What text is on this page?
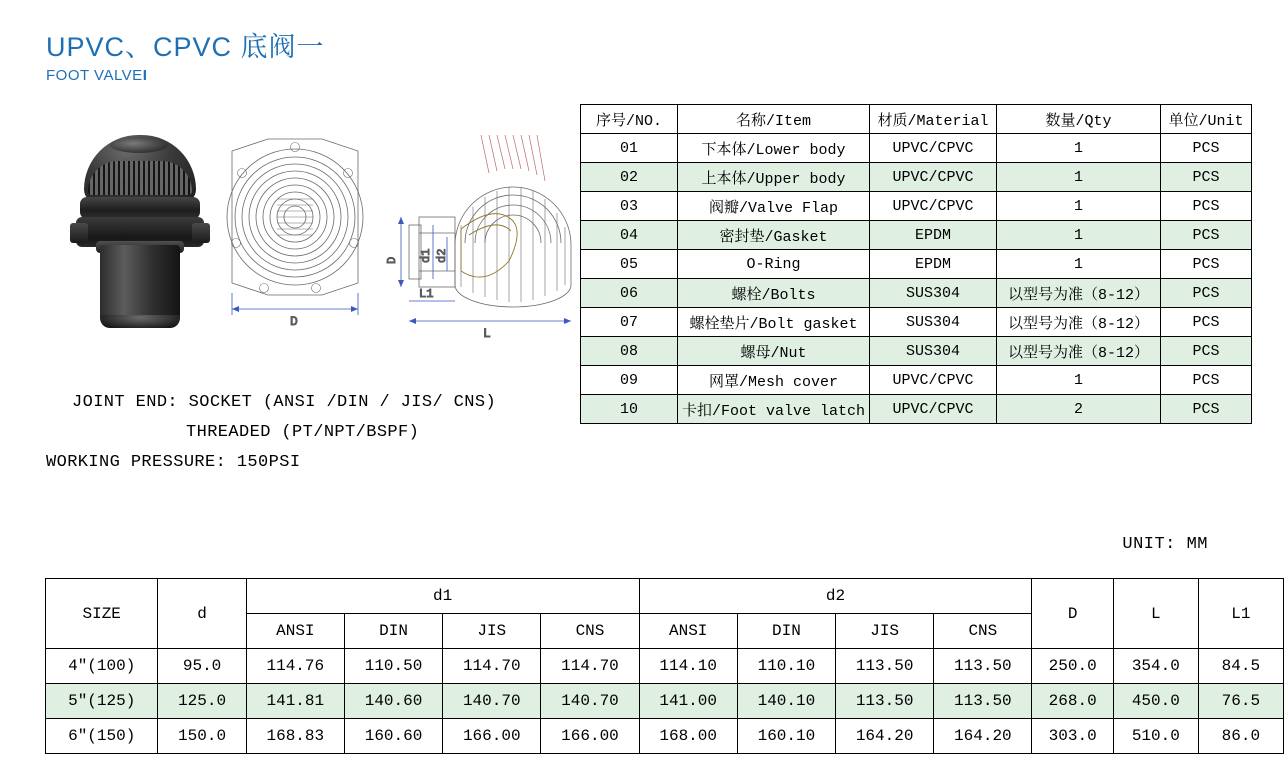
UPVC、CPVC 底阀一
FOOT VALVEI
D
D d1 d2
L1
L
JOINT END: SOCKET (ANSI /DIN / JIS/ CNS)
THREADED (PT/NPT/BSPF)
WORKING PRESSURE: 150PSI
序号/NO.	名称/Item	材质/Material	数量/Qty	单位/Unit
01	下本体/Lower body	UPVC/CPVC	1	PCS
02	上本体/Upper body	UPVC/CPVC	1	PCS
03	阀瓣/Valve Flap	UPVC/CPVC	1	PCS
04	密封垫/Gasket	EPDM	1	PCS
05	O-Ring	EPDM	1	PCS
06	螺栓/Bolts	SUS304	以型号为准（8-12）	PCS
07	螺栓垫片/Bolt gasket	SUS304	以型号为准（8-12）	PCS
08	螺母/Nut	SUS304	以型号为准（8-12）	PCS
09	网罩/Mesh cover	UPVC/CPVC	1	PCS
10	卡扣/Foot valve latch	UPVC/CPVC	2	PCS
UNIT: MM
SIZE	d	d1				d2				D	L	L1
		ANSI	DIN	JIS	CNS	ANSI	DIN	JIS	CNS			
4″(100)	95.0	114.76	110.50	114.70	114.70	114.10	110.10	113.50	113.50	250.0	354.0	84.5
5″(125)	125.0	141.81	140.60	140.70	140.70	141.00	140.10	113.50	113.50	268.0	450.0	76.5
6″(150)	150.0	168.83	160.60	166.00	166.00	168.00	160.10	164.20	164.20	303.0	510.0	86.0
